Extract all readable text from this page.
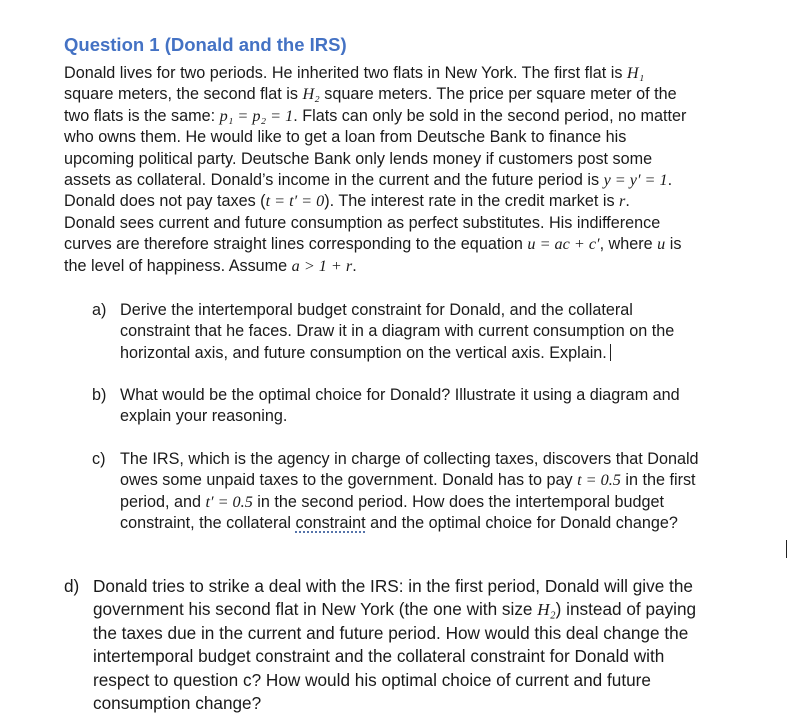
Question 1 (Donald and the IRS)
Donald lives for two periods. He inherited two flats in New York. The first flat is H₁
square meters, the second flat is H₂ square meters. The price per square meter of the
two flats is the same: p₁ = p₂ = 1. Flats can only be sold in the second period, no matter
who owns them. He would like to get a loan from Deutsche Bank to finance his
upcoming political party. Deutsche Bank only lends money if customers post some
assets as collateral. Donald’s income in the current and the future period is y = y′ = 1.
Donald does not pay taxes (t = t′ = 0). The interest rate in the credit market is r.
Donald sees current and future consumption as perfect substitutes. His indifference
curves are therefore straight lines corresponding to the equation u = ac + c′, where u is
the level of happiness. Assume a > 1 + r.
a) Derive the intertemporal budget constraint for Donald, and the collateral
constraint that he faces. Draw it in a diagram with current consumption on the
horizontal axis, and future consumption on the vertical axis. Explain.
b) What would be the optimal choice for Donald? Illustrate it using a diagram and
explain your reasoning.
c) The IRS, which is the agency in charge of collecting taxes, discovers that Donald
owes some unpaid taxes to the government. Donald has to pay t = 0.5 in the first
period, and t′ = 0.5 in the second period. How does the intertemporal budget
constraint, the collateral constraint and the optimal choice for Donald change?
d) Donald tries to strike a deal with the IRS: in the first period, Donald will give the
government his second flat in New York (the one with size H₂) instead of paying
the taxes due in the current and future period. How would this deal change the
intertemporal budget constraint and the collateral constraint for Donald with
respect to question c? How would his optimal choice of current and future
consumption change?
